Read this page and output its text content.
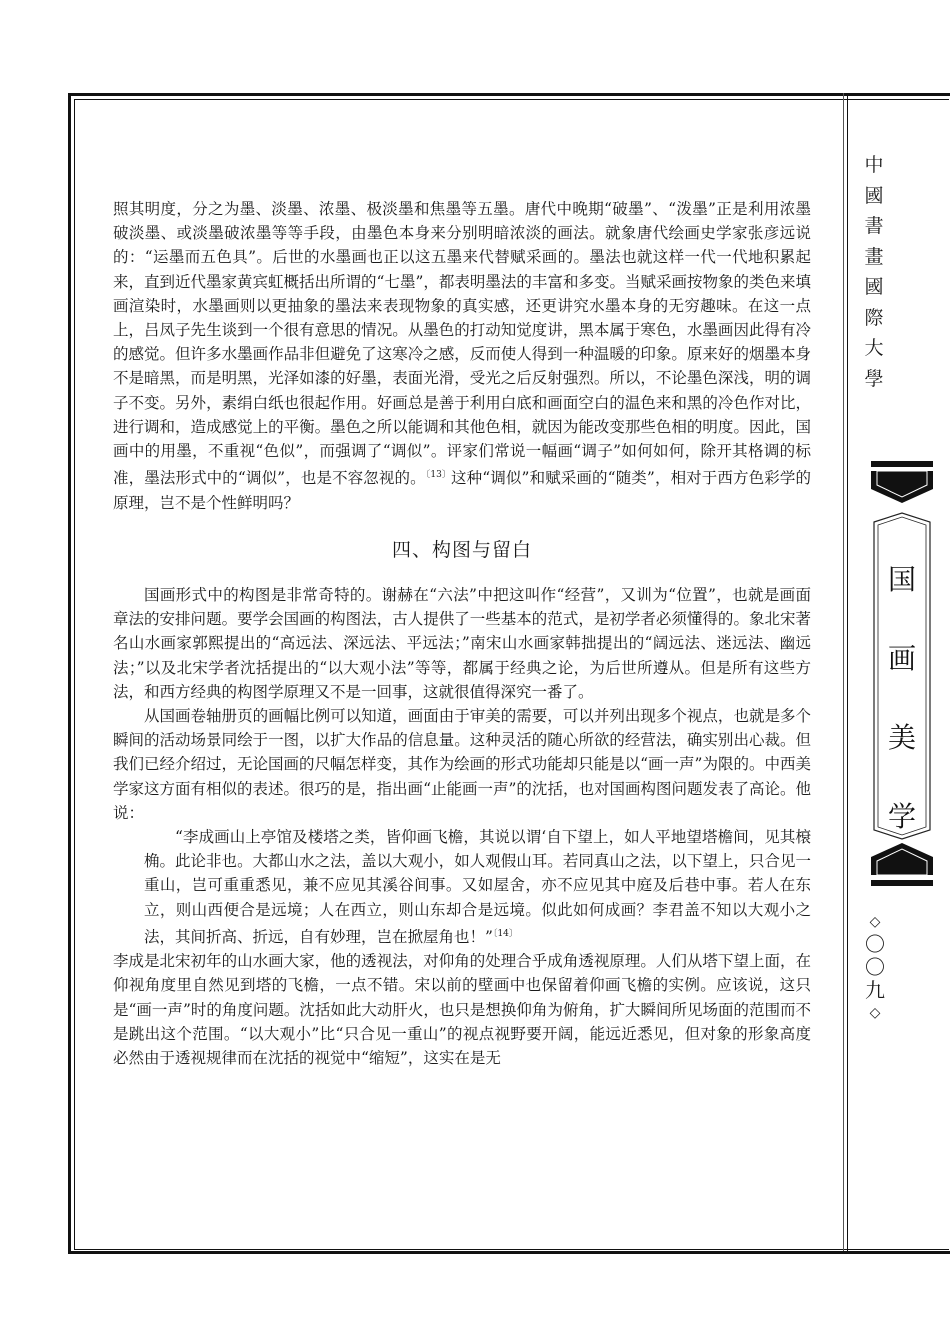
中
國
書
畫
國
際
大
學
国
画
美
学
◇
〇
〇
九
◇

照其明度，分之为墨、淡墨、浓墨、极淡墨和焦墨等五墨。唐代中晚期“破墨”、“泼墨”正是利用浓墨破淡墨、或淡墨破浓墨等等手段，由墨色本身来分别明暗浓淡的画法。就象唐代绘画史学家张彦远说的：“运墨而五色具”。后世的水墨画也正以这五墨来代替赋采画的。墨法也就这样一代一代地积累起来，直到近代墨家黄宾虹概括出所谓的“七墨”，都表明墨法的丰富和多变。当赋采画按物象的类色来填画渲染时，水墨画则以更抽象的墨法来表现物象的真实感，还更讲究水墨本身的无穷趣味。在这一点上，吕凤子先生谈到一个很有意思的情况。从墨色的打动知觉度讲，黑本属于寒色，水墨画因此得有冷的感觉。但许多水墨画作品非但避免了这寒冷之感，反而使人得到一种温暖的印象。原来好的烟墨本身不是暗黑，而是明黑，光泽如漆的好墨，表面光滑，受光之后反射强烈。所以，不论墨色深浅，明的调子不变。另外，素绢白纸也很起作用。好画总是善于利用白底和画面空白的温色来和黑的冷色作对比，进行调和，造成感觉上的平衡。墨色之所以能调和其他色相，就因为能改变那些色相的明度。因此，国画中的用墨，不重视“色似”，而强调了“调似”。评家们常说一幅画“调子”如何如何，除开其格调的标准，墨法形式中的“调似”，也是不容忽视的。$^{〔13〕}$这种“调似”和赋采画的“随类”，相对于西方色彩学的原理，岂不是个性鲜明吗？

四、构图与留白

国画形式中的构图是非常奇特的。谢赫在“六法”中把这叫作“经营”，又训为“位置”，也就是画面章法的安排问题。要学会国画的构图法，古人提供了一些基本的范式，是初学者必须懂得的。象北宋著名山水画家郭熙提出的“高远法、深远法、平远法；”南宋山水画家韩拙提出的“阔远法、迷远法、幽远法；”以及北宋学者沈括提出的“以大观小法”等等，都属于经典之论，为后世所遵从。但是所有这些方法，和西方经典的构图学原理又不是一回事，这就很值得深究一番了。

从国画卷轴册页的画幅比例可以知道，画面由于审美的需要，可以并列出现多个视点，也就是多个瞬间的活动场景同绘于一图，以扩大作品的信息量。这种灵活的随心所欲的经营法，确实别出心裁。但我们已经介绍过，无论国画的尺幅怎样变，其作为绘画的形式功能却只能是以“画一声”为限的。中西美学家这方面有相似的表述。很巧的是，指出画“止能画一声”的沈括，也对国画构图问题发表了高论。他说：

“李成画山上亭馆及楼塔之类，皆仰画飞檐，其说以谓‘自下望上，如人平地望塔檐间，见其榱桷。此论非也。大都山水之法，盖以大观小，如人观假山耳。若同真山之法，以下望上，只合见一重山，岂可重重悉见，兼不应见其溪谷间事。又如屋舍，亦不应见其中庭及后巷中事。若人在东立，则山西便合是远境；人在西立，则山东却合是远境。似此如何成画？李君盖不知以大观小之法，其间折高、折远，自有妙理，岂在掀屋角也！”$^{〔14〕}$

李成是北宋初年的山水画大家，他的透视法，对仰角的处理合乎成角透视原理。人们从塔下望上面，在仰视角度里自然见到塔的飞檐，一点不错。宋以前的壁画中也保留着仰画飞檐的实例。应该说，这只是“画一声”时的角度问题。沈括如此大动肝火，也只是想换仰角为俯角，扩大瞬间所见场面的范围而不是跳出这个范围。“以大观小”比“只合见一重山”的视点视野要开阔，能远近悉见，但对象的形象高度必然由于透视规律而在沈括的视觉中“缩短”，这实在是无
